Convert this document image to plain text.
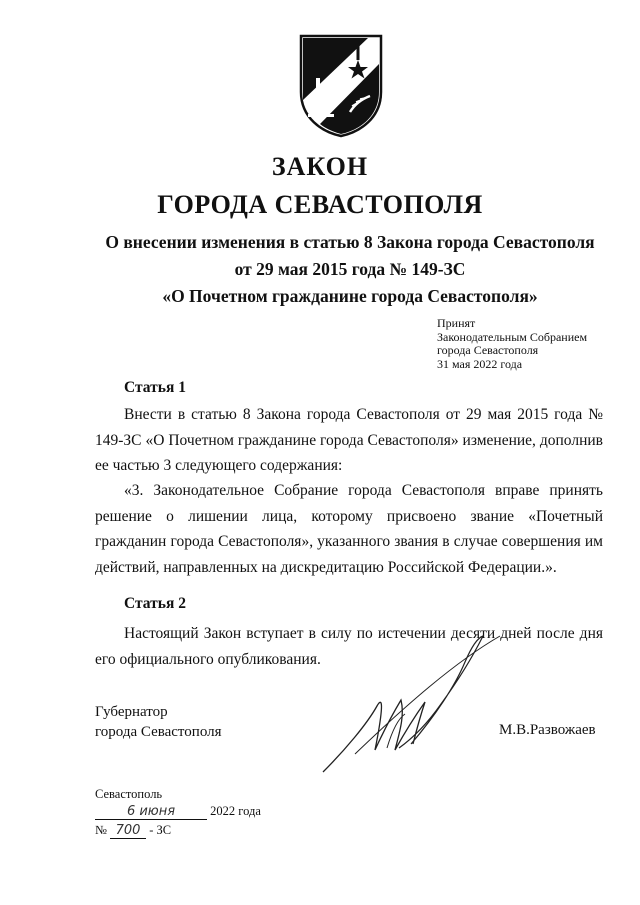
ЗАКОН
ГОРОДА СЕВАСТОПОЛЯ
О внесении изменения в статью 8 Закона города Севастополя
от 29 мая 2015 года № 149-ЗС
«О Почетном гражданине города Севастополя»
Принят
Законодательным Собранием
города Севастополя
31 мая 2022 года
Статья 1
Внести в статью 8 Закона города Севастополя от 29 мая 2015 года № 149-ЗС «О Почетном гражданине города Севастополя» изменение, дополнив ее частью 3 следующего содержания:
«3. Законодательное Собрание города Севастополя вправе принять решение о лишении лица, которому присвоено звание «Почетный гражданин города Севастополя», указанного звания в случае совершения им действий, направленных на дискредитацию Российской Федерации.».
Статья 2
Настоящий Закон вступает в силу по истечении десяти дней после дня его официального опубликования.
Губернатор
города Севастополя	М.В.Развожаев
Севастополь
6 июня	2022 года
№ 700 - ЗС
